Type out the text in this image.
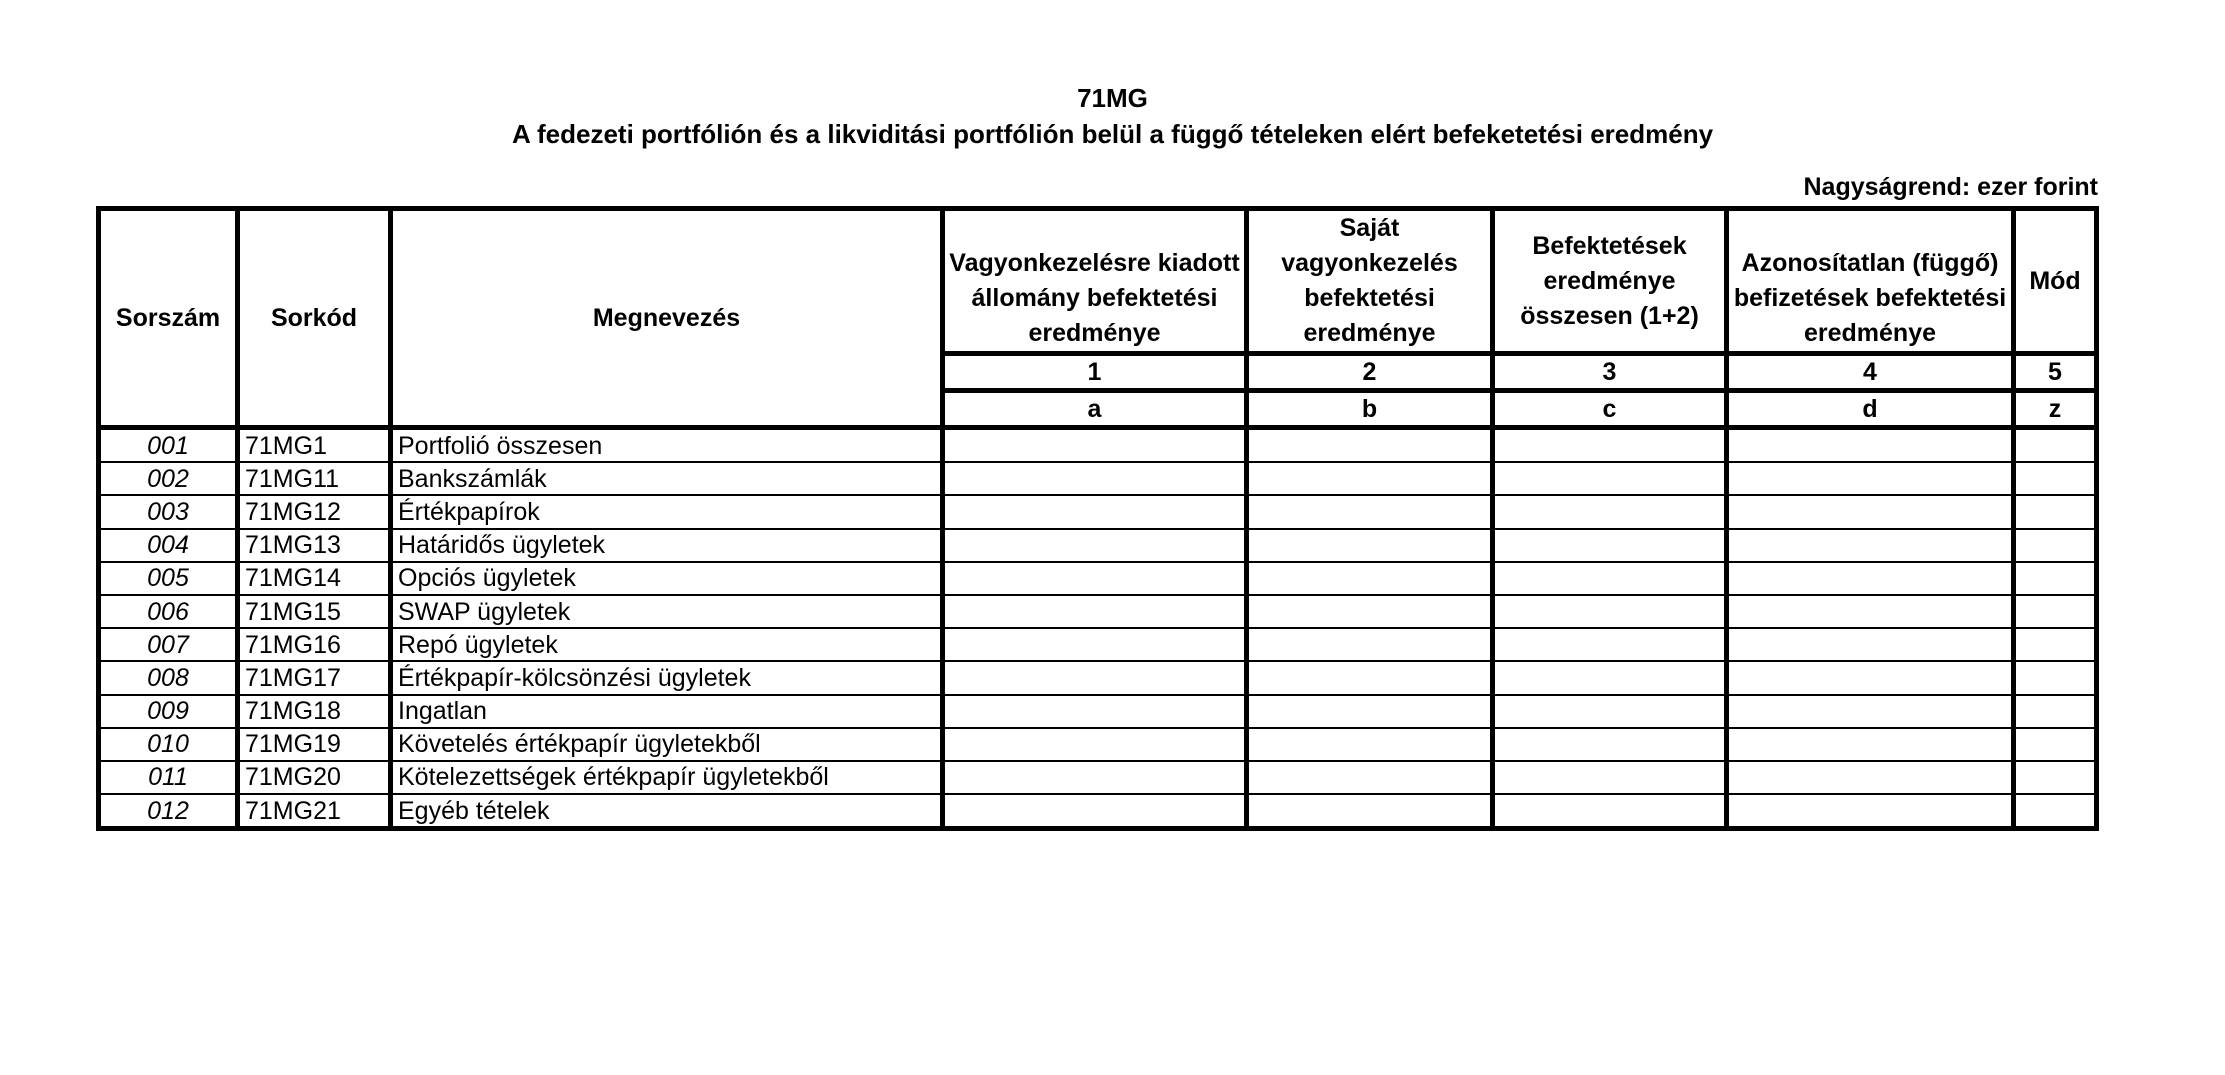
71MG
A fedezeti portfólión és a likviditási portfólión belül a függő tételeken elért befeketetési eredmény
Nagyságrend: ezer forint
Sorszám	Sorkód	Megnevezés	Vagyonkezelésre kiadott állomány befektetési eredménye	Saját vagyonkezelés befektetési eredménye	Befektetések eredménye összesen (1+2)	Azonosítatlan (függő) befizetések befektetési eredménye	Mód
			1	2	3	4	5
			a	b	c	d	z
001	71MG1	Portfolió összesen					
002	71MG11	Bankszámlák					
003	71MG12	Értékpapírok					
004	71MG13	Határidős ügyletek					
005	71MG14	Opciós ügyletek					
006	71MG15	SWAP ügyletek					
007	71MG16	Repó ügyletek					
008	71MG17	Értékpapír-kölcsönzési ügyletek					
009	71MG18	Ingatlan					
010	71MG19	Követelés értékpapír ügyletekből					
011	71MG20	Kötelezettségek értékpapír ügyletekből					
012	71MG21	Egyéb tételek					
